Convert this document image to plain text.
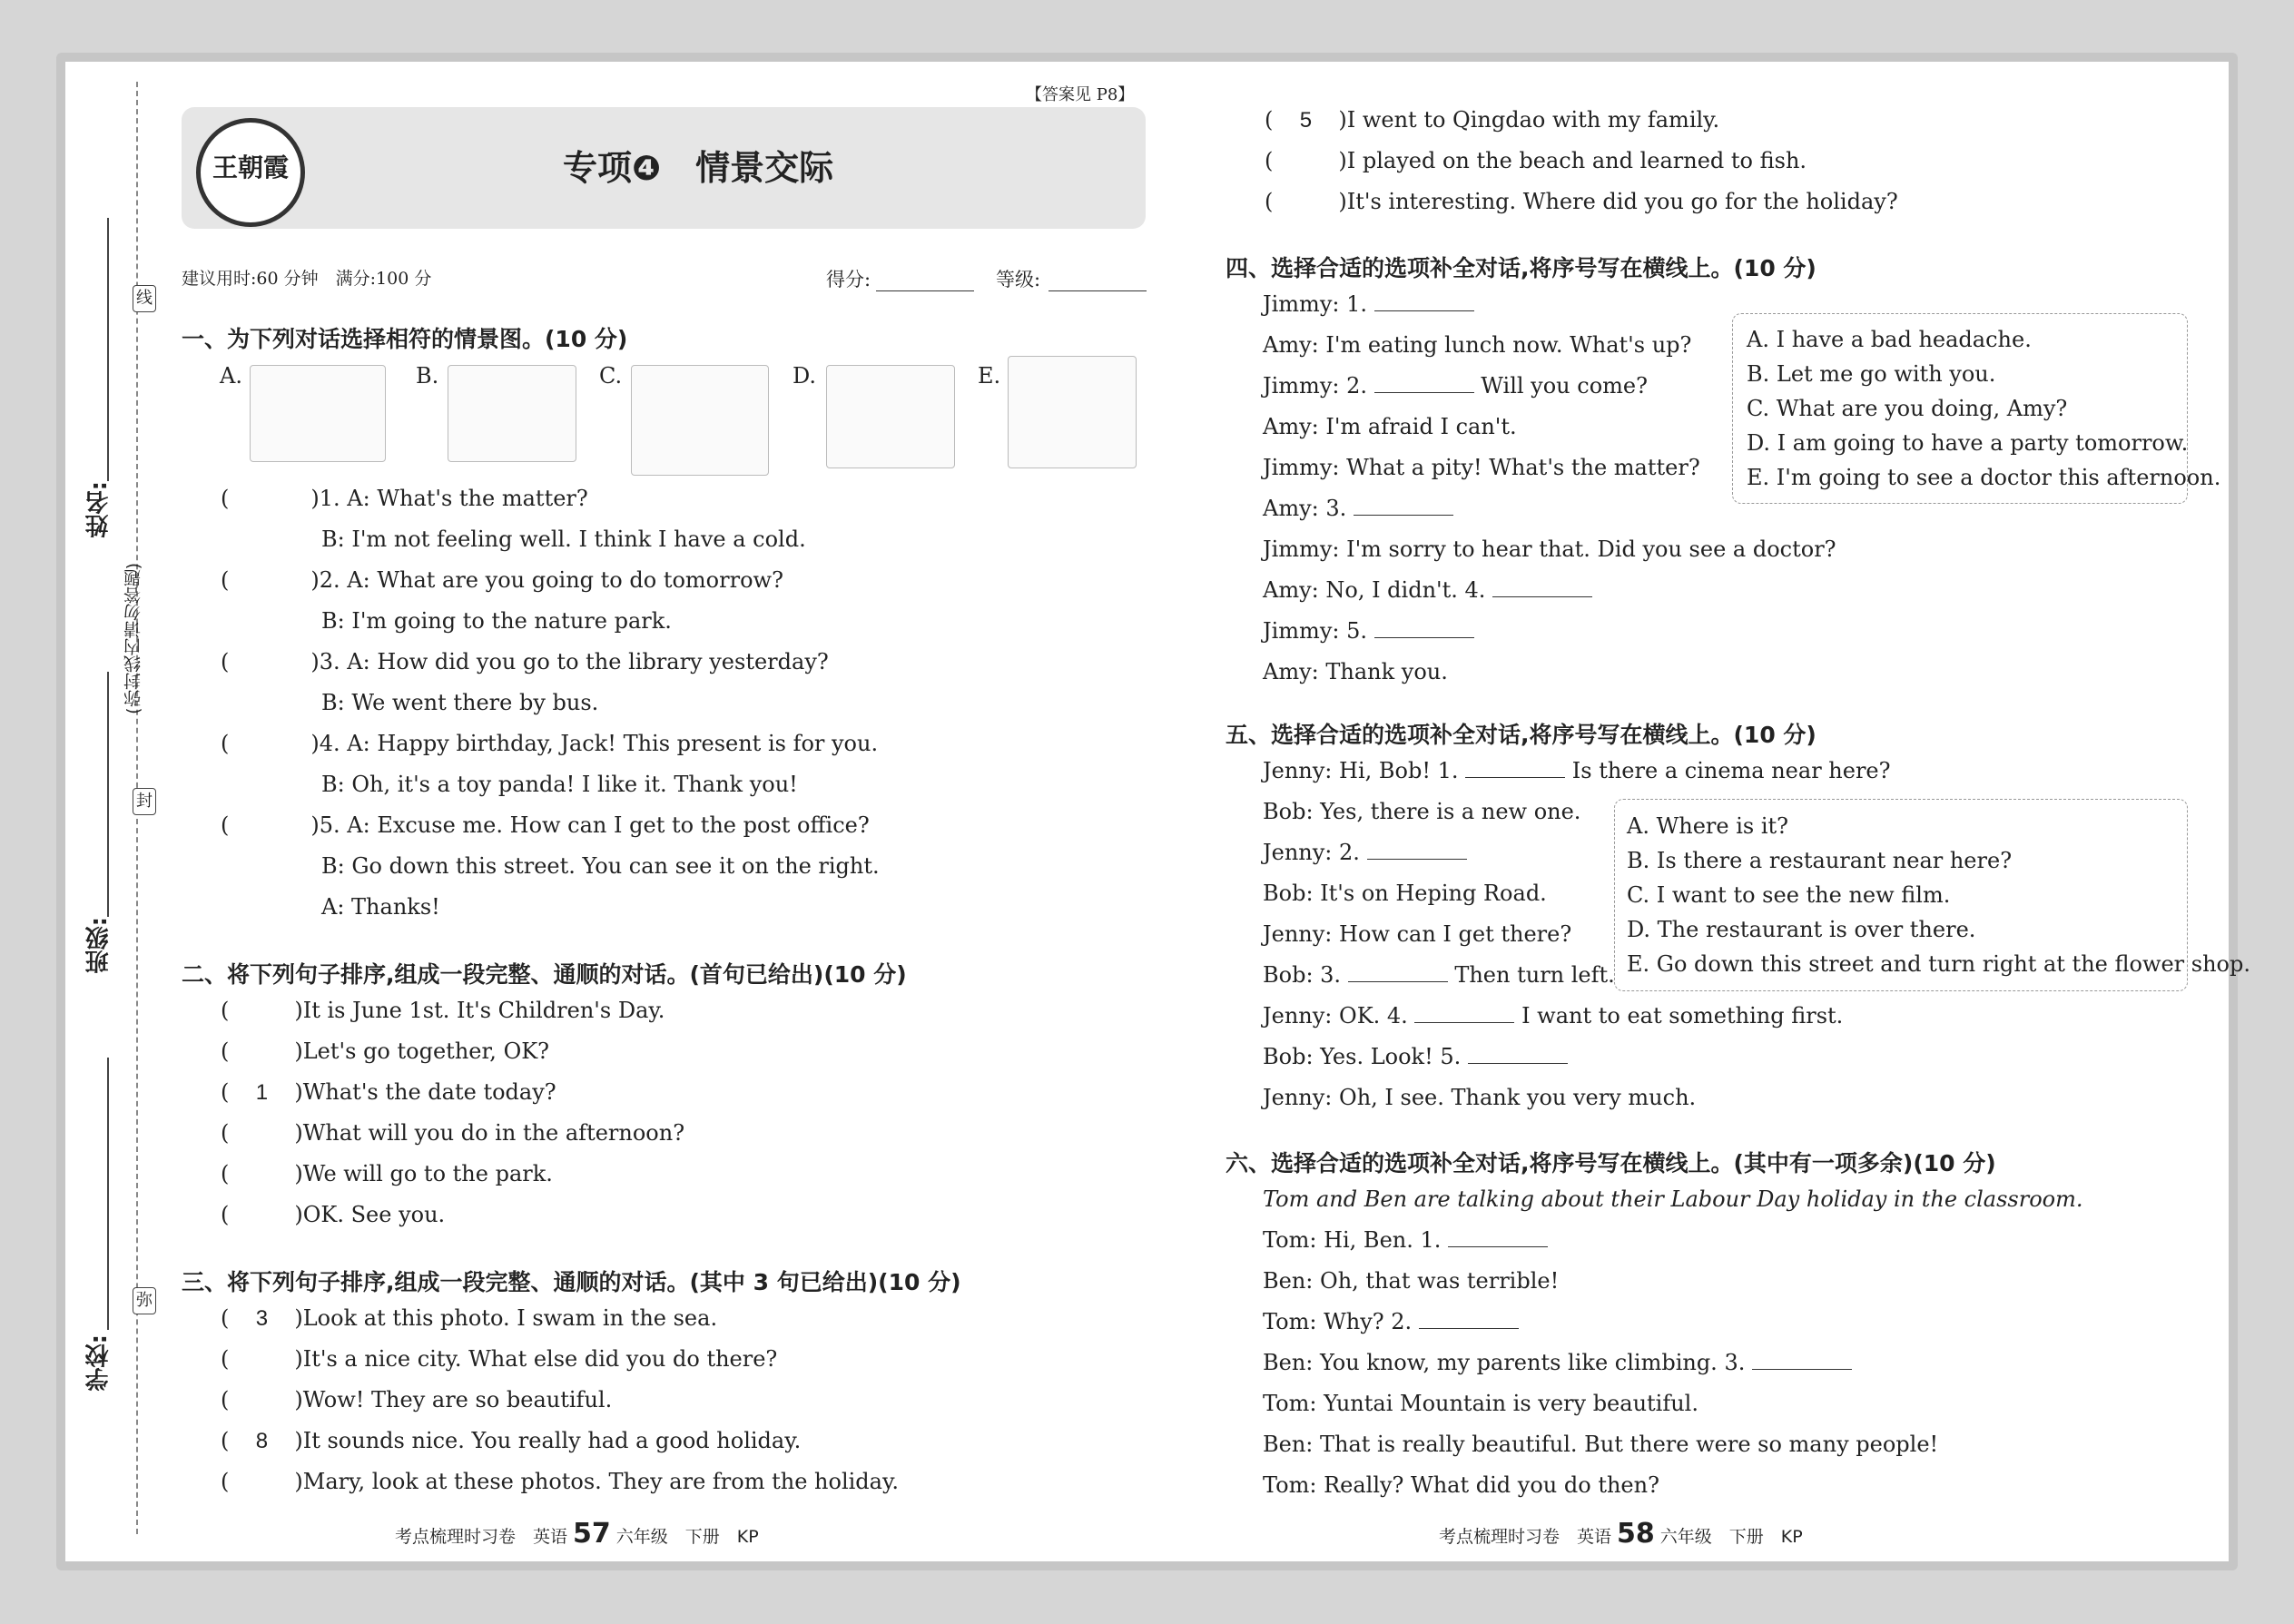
姓名:
班级:
学校:
线
(弥封线内请勿答题)
封
弥
王朝霞
【答案见 P8】
专项❹　情景交际
建议用时:60 分钟　满分:100 分	得分:	等级:
一、为下列对话选择相符的情景图。(10 分)
A.	B.	C.	D.	E.
(	)1. A: What's the matter?
B: I'm not feeling well. I think I have a cold.
(	)2. A: What are you going to do tomorrow?
B: I'm going to the nature park.
(	)3. A: How did you go to the library yesterday?
B: We went there by bus.
(	)4. A: Happy birthday, Jack! This present is for you.
B: Oh, it's a toy panda! I like it. Thank you!
(	)5. A: Excuse me. How can I get to the post office?
B: Go down this street. You can see it on the right.
A: Thanks!
二、将下列句子排序,组成一段完整、通顺的对话。(首句已给出)(10 分)
(	)It is June 1st. It's Children's Day.
(	)Let's go together, OK?
( 1 )What's the date today?
(	)What will you do in the afternoon?
(	)We will go to the park.
(	)OK. See you.
三、将下列句子排序,组成一段完整、通顺的对话。(其中 3 句已给出)(10 分)
( 3 )Look at this photo. I swam in the sea.
(	)It's a nice city. What else did you do there?
(	)Wow! They are so beautiful.
( 8 )It sounds nice. You really had a good holiday.
(	)Mary, look at these photos. They are from the holiday.
考点梳理时习卷　英语 57 六年级　下册　KP
( 5 )I went to Qingdao with my family.
(	)I played on the beach and learned to fish.
(	)It's interesting. Where did you go for the holiday?
四、选择合适的选项补全对话,将序号写在横线上。(10 分)
Jimmy: 1.
Amy: I'm eating lunch now. What's up?
Jimmy: 2.	Will you come?
Amy: I'm afraid I can't.
Jimmy: What a pity! What's the matter?
Amy: 3.
Jimmy: I'm sorry to hear that. Did you see a doctor?
Amy: No, I didn't. 4.
Jimmy: 5.
Amy: Thank you.
A. I have a bad headache.
B. Let me go with you.
C. What are you doing, Amy?
D. I am going to have a party tomorrow.
E. I'm going to see a doctor this afternoon.
五、选择合适的选项补全对话,将序号写在横线上。(10 分)
Jenny: Hi, Bob! 1.	Is there a cinema near here?
Bob: Yes, there is a new one.
Jenny: 2.
Bob: It's on Heping Road.
Jenny: How can I get there?
Bob: 3.	Then turn left.
Jenny: OK. 4.	I want to eat something first.
Bob: Yes. Look! 5.
Jenny: Oh, I see. Thank you very much.
A. Where is it?
B. Is there a restaurant near here?
C. I want to see the new film.
D. The restaurant is over there.
E. Go down this street and turn right at the flower shop.
六、选择合适的选项补全对话,将序号写在横线上。(其中有一项多余)(10 分)
Tom and Ben are talking about their Labour Day holiday in the classroom.
Tom: Hi, Ben. 1.
Ben: Oh, that was terrible!
Tom: Why? 2.
Ben: You know, my parents like climbing. 3.
Tom: Yuntai Mountain is very beautiful.
Ben: That is really beautiful. But there were so many people!
Tom: Really? What did you do then?
考点梳理时习卷　英语 58 六年级　下册　KP
